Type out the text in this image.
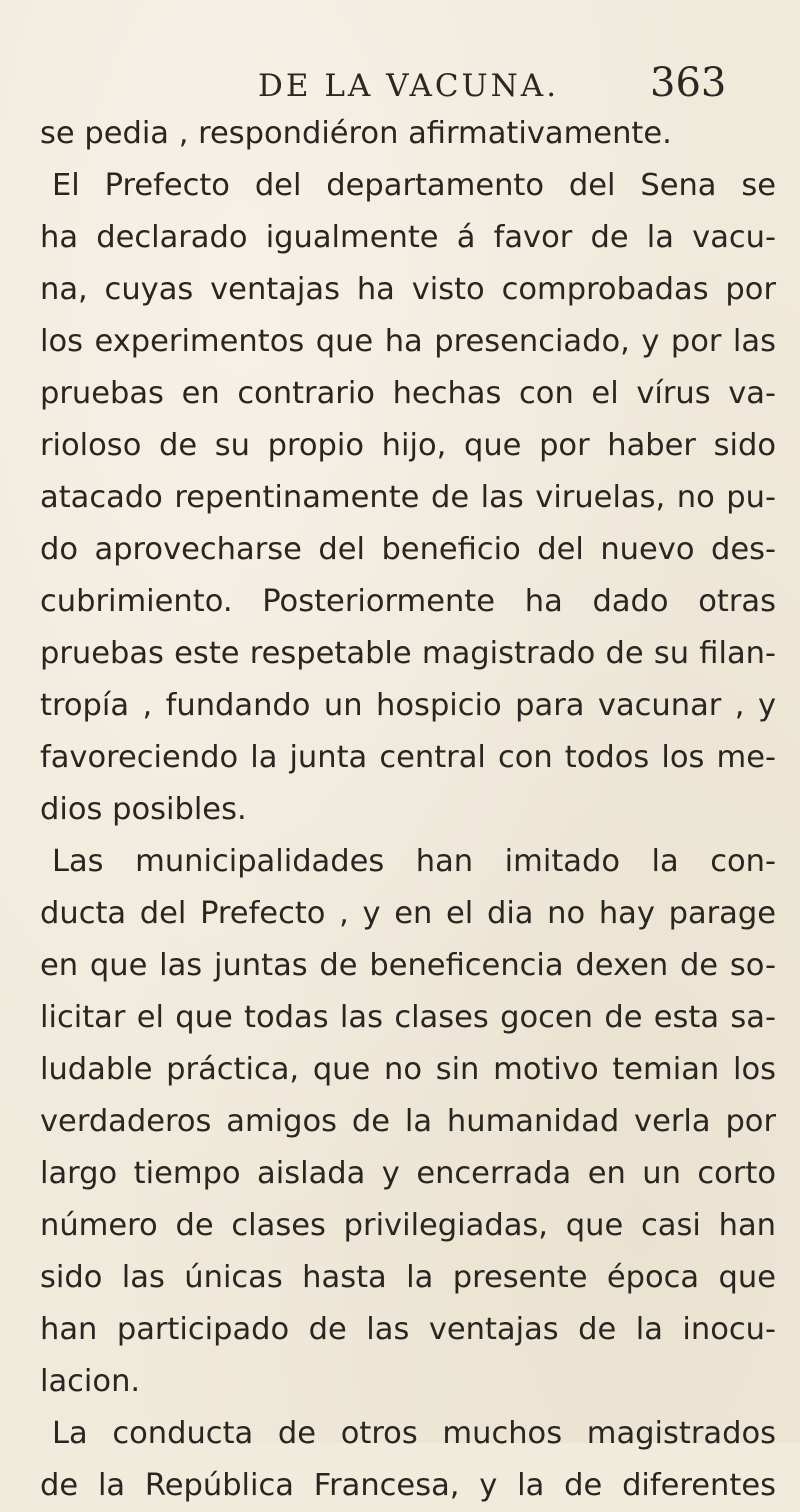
DE LA VACUNA. 363
se pedia , respondiéron afirmativamente.
El Prefecto del departamento del Sena se
ha declarado igualmente á favor de la vacu-
na, cuyas ventajas ha visto comprobadas por
los experimentos que ha presenciado, y por las
pruebas en contrario hechas con el vírus va-
rioloso de su propio hijo, que por haber sido
atacado repentinamente de las viruelas, no pu-
do aprovecharse del beneficio del nuevo des-
cubrimiento. Posteriormente ha dado otras
pruebas este respetable magistrado de su filan-
tropía , fundando un hospicio para vacunar , y
favoreciendo la junta central con todos los me-
dios posibles.
Las municipalidades han imitado la con-
ducta del Prefecto , y en el dia no hay parage
en que las juntas de beneficencia dexen de so-
licitar el que todas las clases gocen de esta sa-
ludable práctica, que no sin motivo temian los
verdaderos amigos de la humanidad verla por
largo tiempo aislada y encerrada en un corto
número de clases privilegiadas, que casi han
sido las únicas hasta la presente época que
han participado de las ventajas de la inocu-
lacion.
La conducta de otros muchos magistrados
de la República Francesa, y la de diferentes
